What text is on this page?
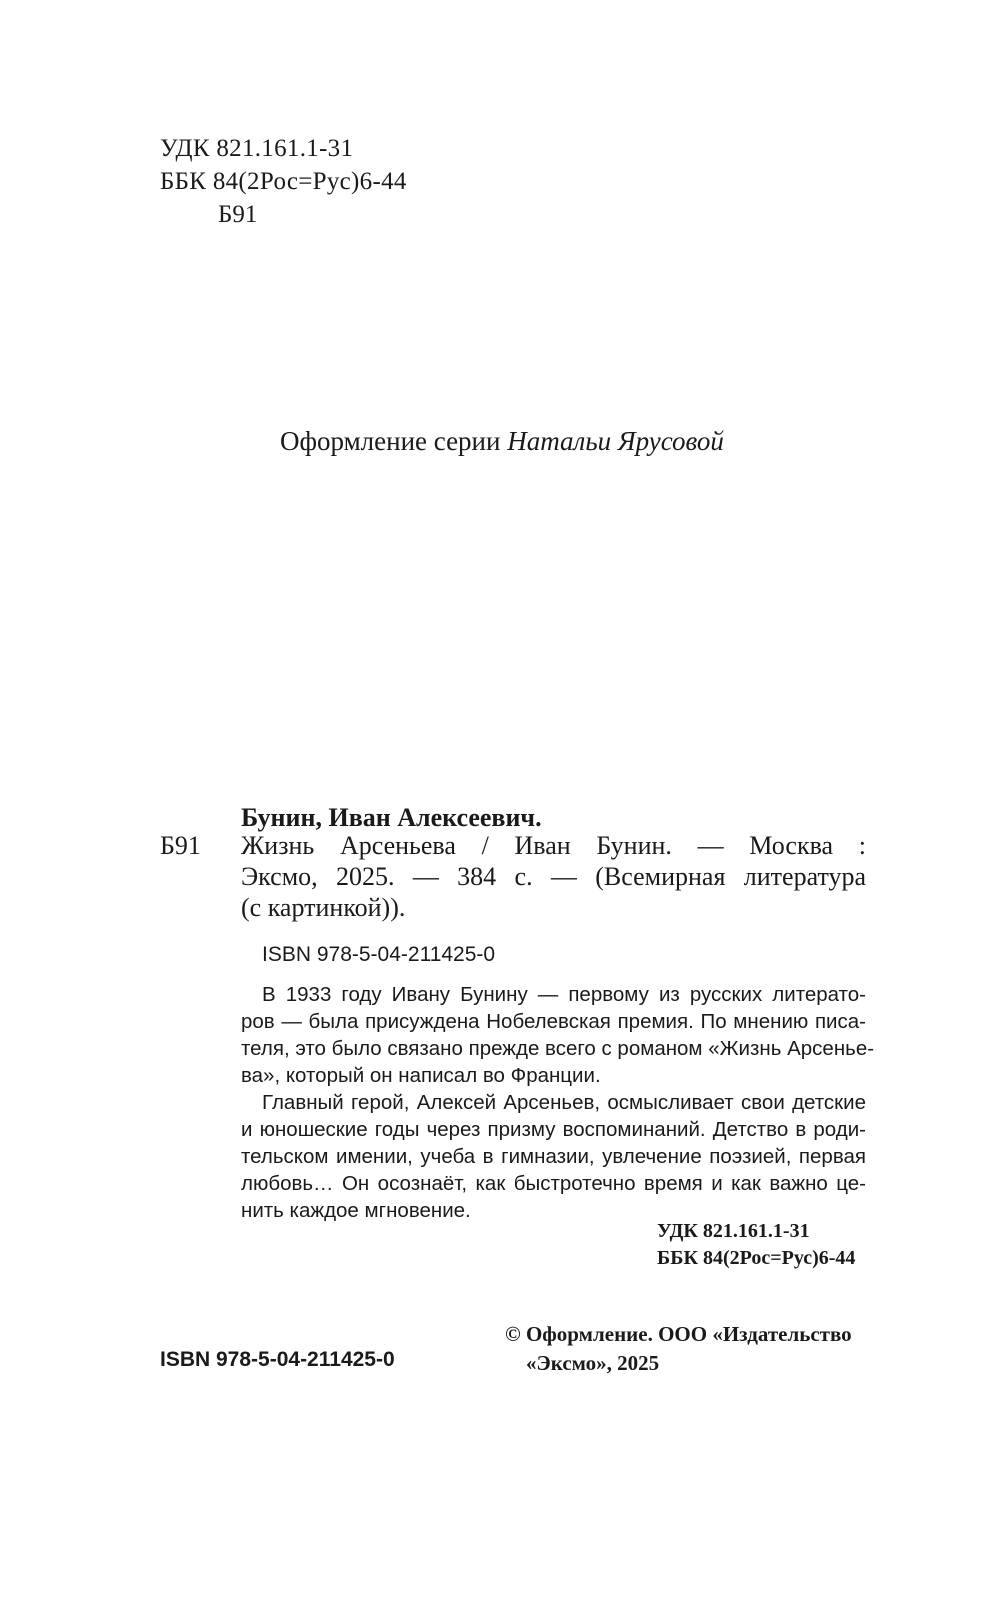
УДК 821.161.1-31
ББК 84(2Рос=Рус)6-44
Б91
Оформление серии Натальи Ярусовой
Бунин, Иван Алексеевич.
Б91 Жизнь Арсеньева / Иван Бунин. — Москва :
Эксмо, 2025. — 384 с. — (Всемирная литература
(с картинкой)).
ISBN 978-5-04-211425-0
В 1933 году Ивану Бунину — первому из русских литерато-
ров — была присуждена Нобелевская премия. По мнению писа-
теля, это было связано прежде всего с романом «Жизнь Арсенье-
ва», который он написал во Франции.
Главный герой, Алексей Арсеньев, осмысливает свои детские
и юношеские годы через призму воспоминаний. Детство в роди-
тельском имении, учеба в гимназии, увлечение поэзией, первая
любовь… Он осознаёт, как быстротечно время и как важно це-
нить каждое мгновение.
УДК 821.161.1-31
ББК 84(2Рос=Рус)6-44
ISBN 978-5-04-211425-0
© Оформление. ООО «Издательство
«Эксмо», 2025
